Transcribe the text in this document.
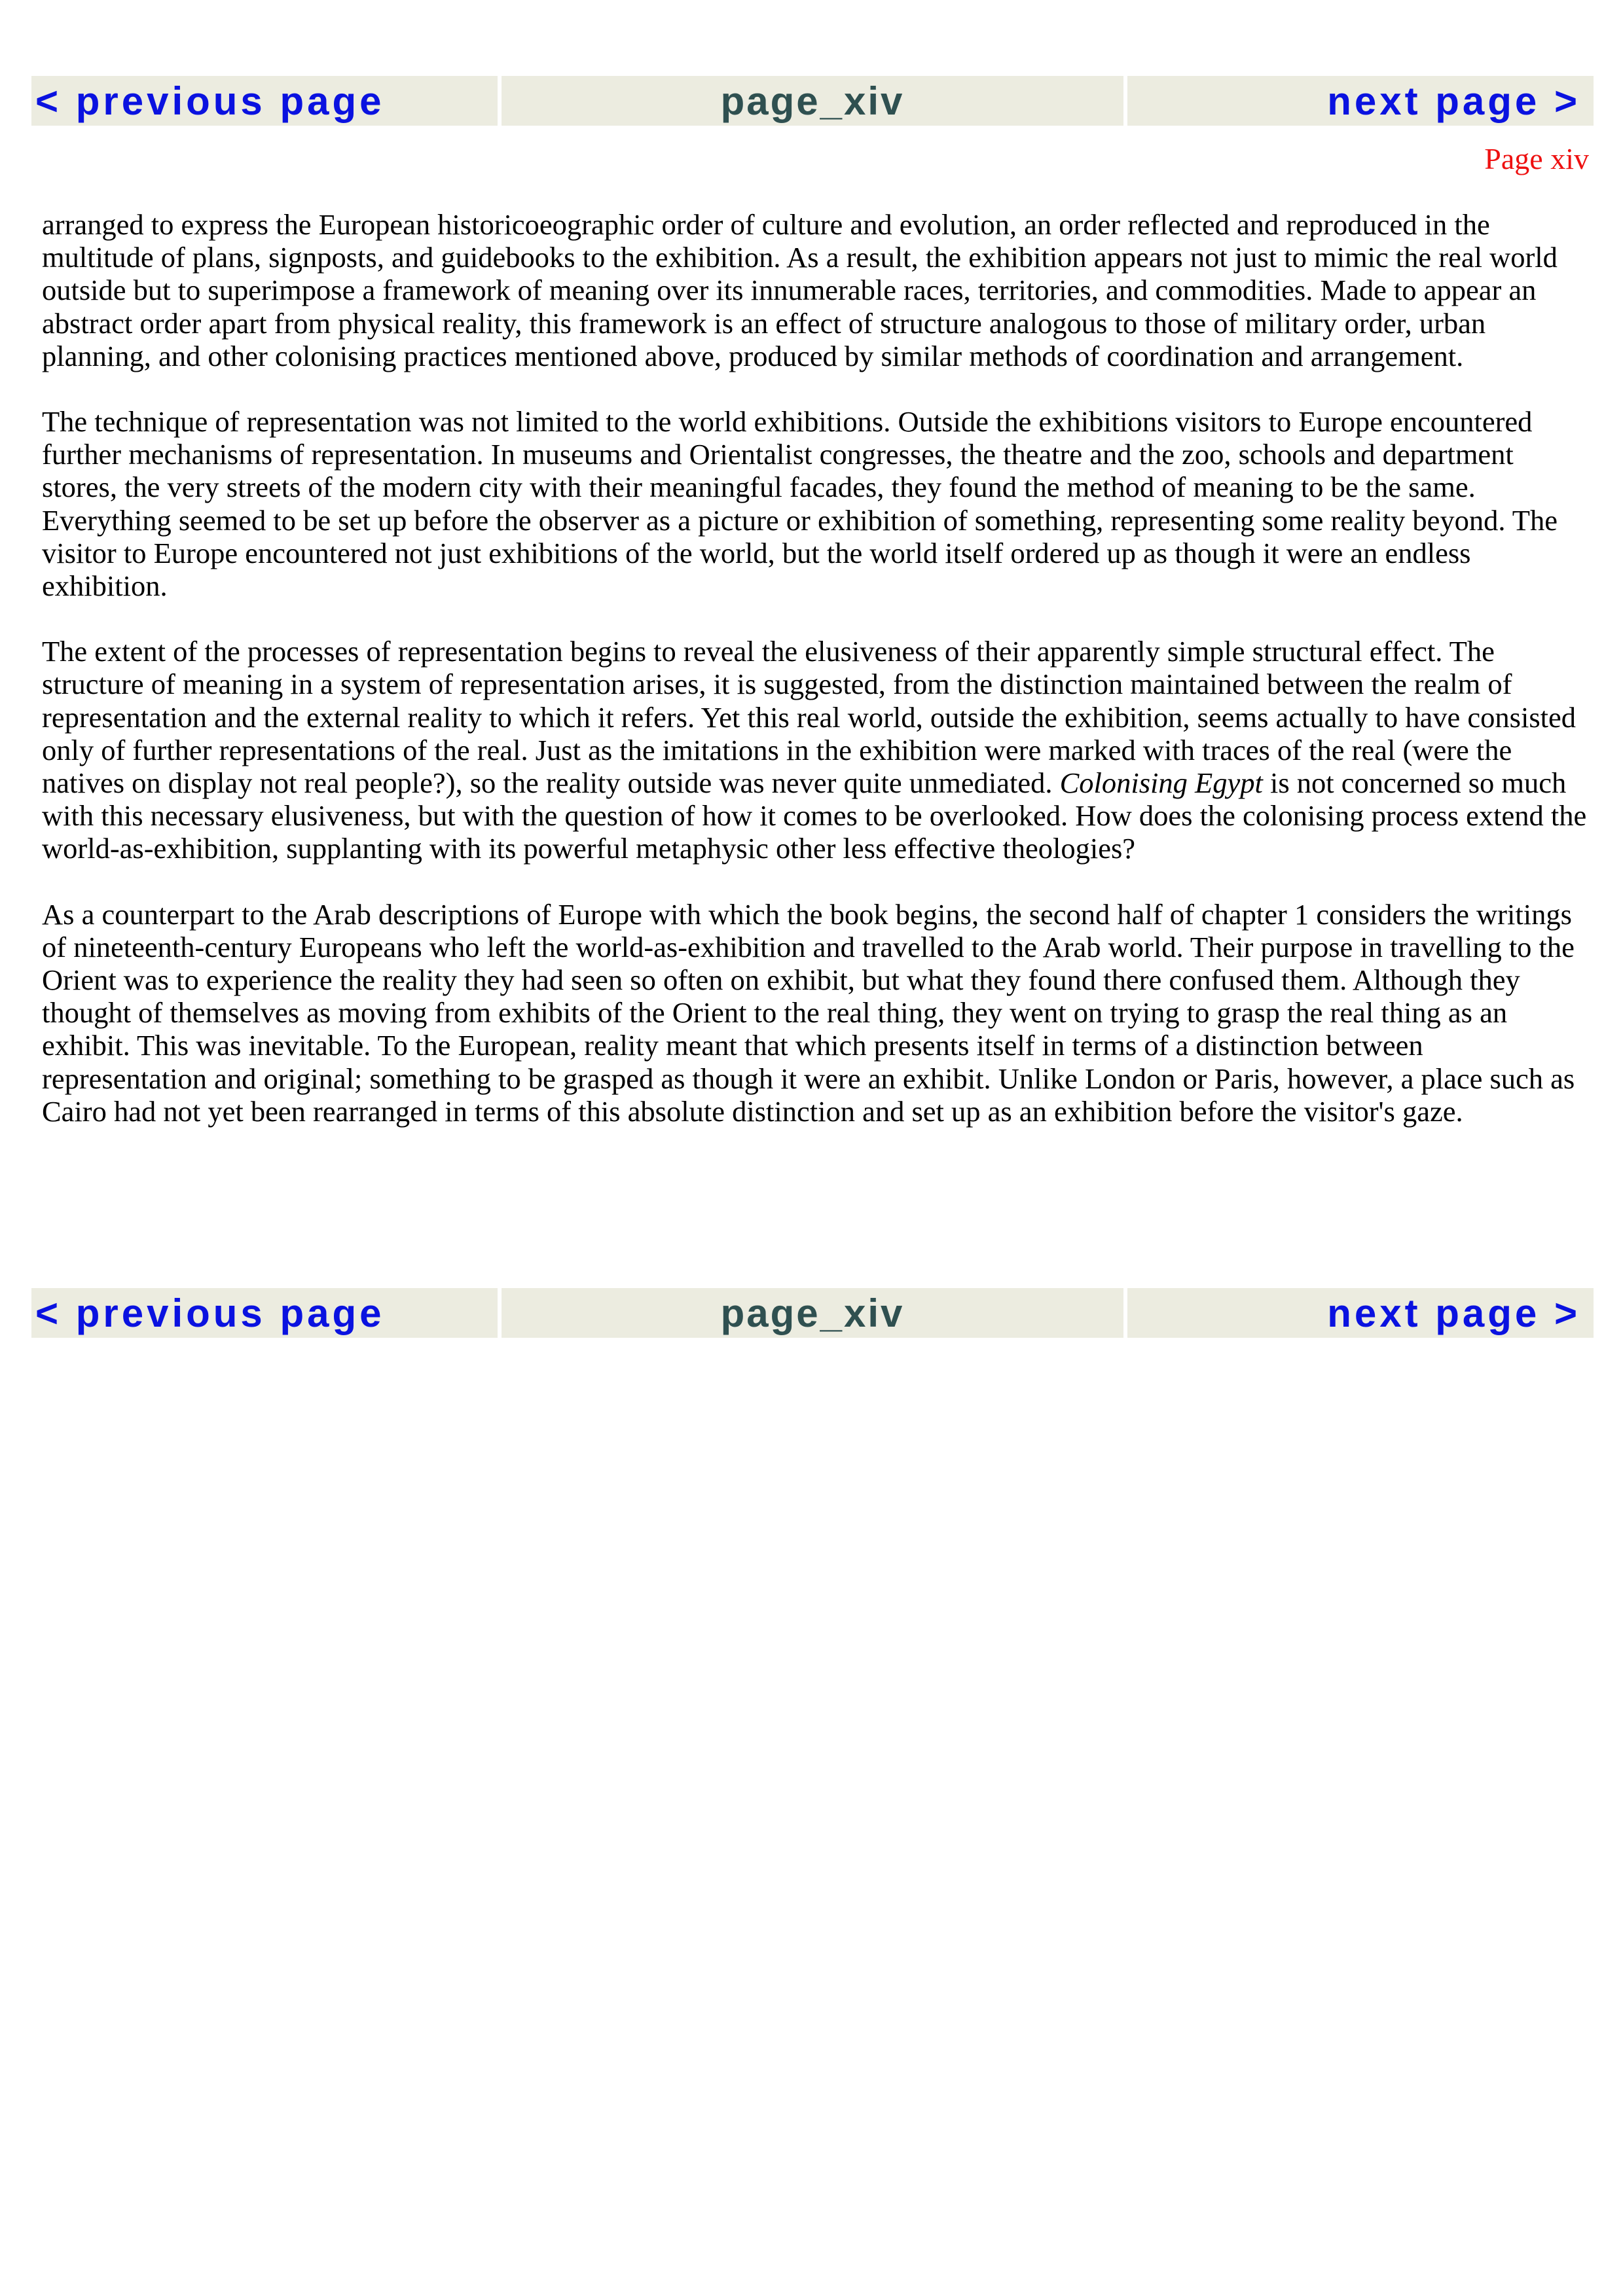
< previous page	page_xiv	next page >
Page xiv

arranged to express the European historicoeographic order of culture and evolution, an order reflected and reproduced in the multitude of plans, signposts, and guidebooks to the exhibition. As a result, the exhibition appears not just to mimic the real world outside but to superimpose a framework of meaning over its innumerable races, territories, and commodities. Made to appear an abstract order apart from physical reality, this framework is an effect of structure analogous to those of military order, urban planning, and other colonising practices mentioned above, produced by similar methods of coordination and arrangement.

The technique of representation was not limited to the world exhibitions. Outside the exhibitions visitors to Europe encountered further mechanisms of representation. In museums and Orientalist congresses, the theatre and the zoo, schools and department stores, the very streets of the modern city with their meaningful facades, they found the method of meaning to be the same. Everything seemed to be set up before the observer as a picture or exhibition of something, representing some reality beyond. The visitor to Europe encountered not just exhibitions of the world, but the world itself ordered up as though it were an endless exhibition.

The extent of the processes of representation begins to reveal the elusiveness of their apparently simple structural effect. The structure of meaning in a system of representation arises, it is suggested, from the distinction maintained between the realm of representation and the external reality to which it refers. Yet this real world, outside the exhibition, seems actually to have consisted only of further representations of the real. Just as the imitations in the exhibition were marked with traces of the real (were the natives on display not real people?), so the reality outside was never quite unmediated. Colonising Egypt is not concerned so much with this necessary elusiveness, but with the question of how it comes to be overlooked. How does the colonising process extend the world-as-exhibition, supplanting with its powerful metaphysic other less effective theologies?

As a counterpart to the Arab descriptions of Europe with which the book begins, the second half of chapter 1 considers the writings of nineteenth-century Europeans who left the world-as-exhibition and travelled to the Arab world. Their purpose in travelling to the Orient was to experience the reality they had seen so often on exhibit, but what they found there confused them. Although they thought of themselves as moving from exhibits of the Orient to the real thing, they went on trying to grasp the real thing as an exhibit. This was inevitable. To the European, reality meant that which presents itself in terms of a distinction between representation and original; something to be grasped as though it were an exhibit. Unlike London or Paris, however, a place such as Cairo had not yet been rearranged in terms of this absolute distinction and set up as an exhibition before the visitor's gaze.

< previous page	page_xiv	next page >
